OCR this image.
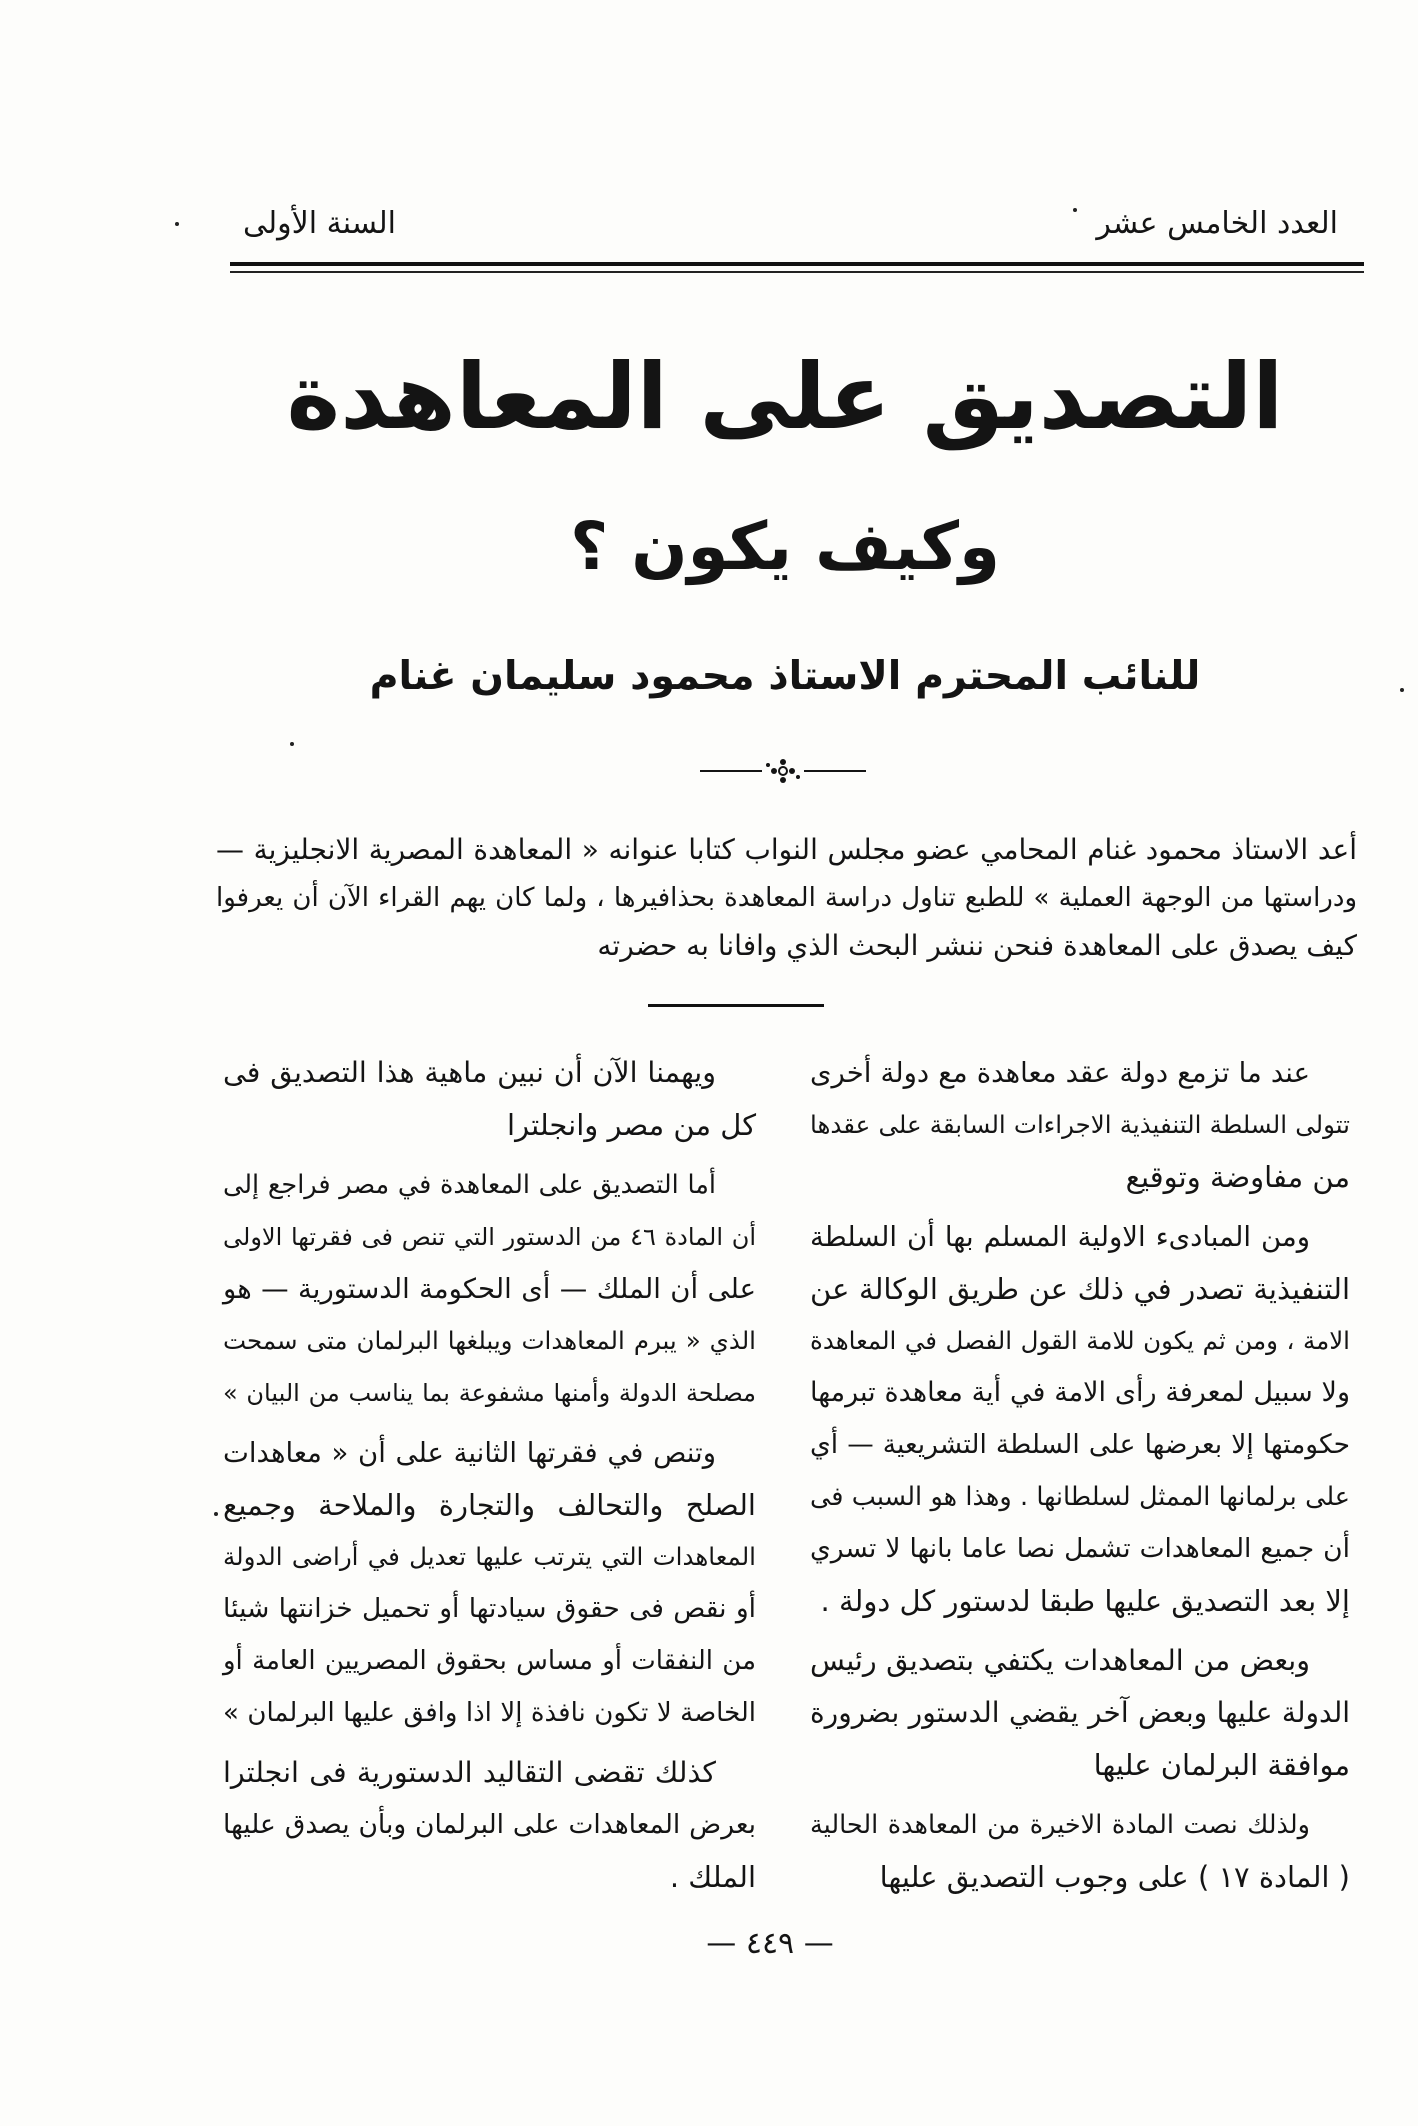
العدد الخامس عشر
السنة الأولى
التصديق على المعاهدة
وكيف يكون ؟
للنائب المحترم الاستاذ محمود سليمان غنام
أعد الاستاذ محمود غنام المحامي عضو مجلس النواب كتابا عنوانه « المعاهدة المصرية الانجليزية —
ودراستها من الوجهة العملية » للطبع تناول دراسة المعاهدة بحذافيرها ، ولما كان يهم القراء الآن أن يعرفوا
كيف يصدق على المعاهدة فنحن ننشر البحث الذي وافانا به حضرته
عند ما تزمع دولة عقد معاهدة مع دولة أخرى
تتولى السلطة التنفيذية الاجراءات السابقة على عقدها
من مفاوضة وتوقيع
ومن المبادىء الاولية المسلم بها أن السلطة
التنفيذية تصدر في ذلك عن طريق الوكالة عن
الامة ، ومن ثم يكون للامة القول الفصل في المعاهدة
ولا سبيل لمعرفة رأى الامة في أية معاهدة تبرمها
حكومتها إلا بعرضها على السلطة التشريعية — أي
على برلمانها الممثل لسلطانها . وهذا هو السبب فى
أن جميع المعاهدات تشمل نصا عاما بانها لا تسري
إلا بعد التصديق عليها طبقا لدستور كل دولة .
وبعض من المعاهدات يكتفي بتصديق رئيس
الدولة عليها وبعض آخر يقضي الدستور بضرورة
موافقة البرلمان عليها
ولذلك نصت المادة الاخيرة من المعاهدة الحالية
( المادة ١٧ ) على وجوب التصديق عليها
ويهمنا الآن أن نبين ماهية هذا التصديق فى
كل من مصر وانجلترا
أما التصديق على المعاهدة في مصر فراجع إلى
أن المادة ٤٦ من الدستور التي تنص فى فقرتها الاولى
على أن الملك — أى الحكومة الدستورية — هو
الذي « يبرم المعاهدات ويبلغها البرلمان متى سمحت
مصلحة الدولة وأمنها مشفوعة بما يناسب من البيان »
وتنص في فقرتها الثانية على أن « معاهدات
الصلح والتحالف والتجارة والملاحة وجميع
المعاهدات التي يترتب عليها تعديل في أراضى الدولة
أو نقص فى حقوق سيادتها أو تحميل خزانتها شيئا
من النفقات أو مساس بحقوق المصريين العامة أو
الخاصة لا تكون نافذة إلا اذا وافق عليها البرلمان »
كذلك تقضى التقاليد الدستورية فى انجلترا
بعرض المعاهدات على البرلمان وبأن يصدق عليها
الملك .
— ٤٤٩ —
